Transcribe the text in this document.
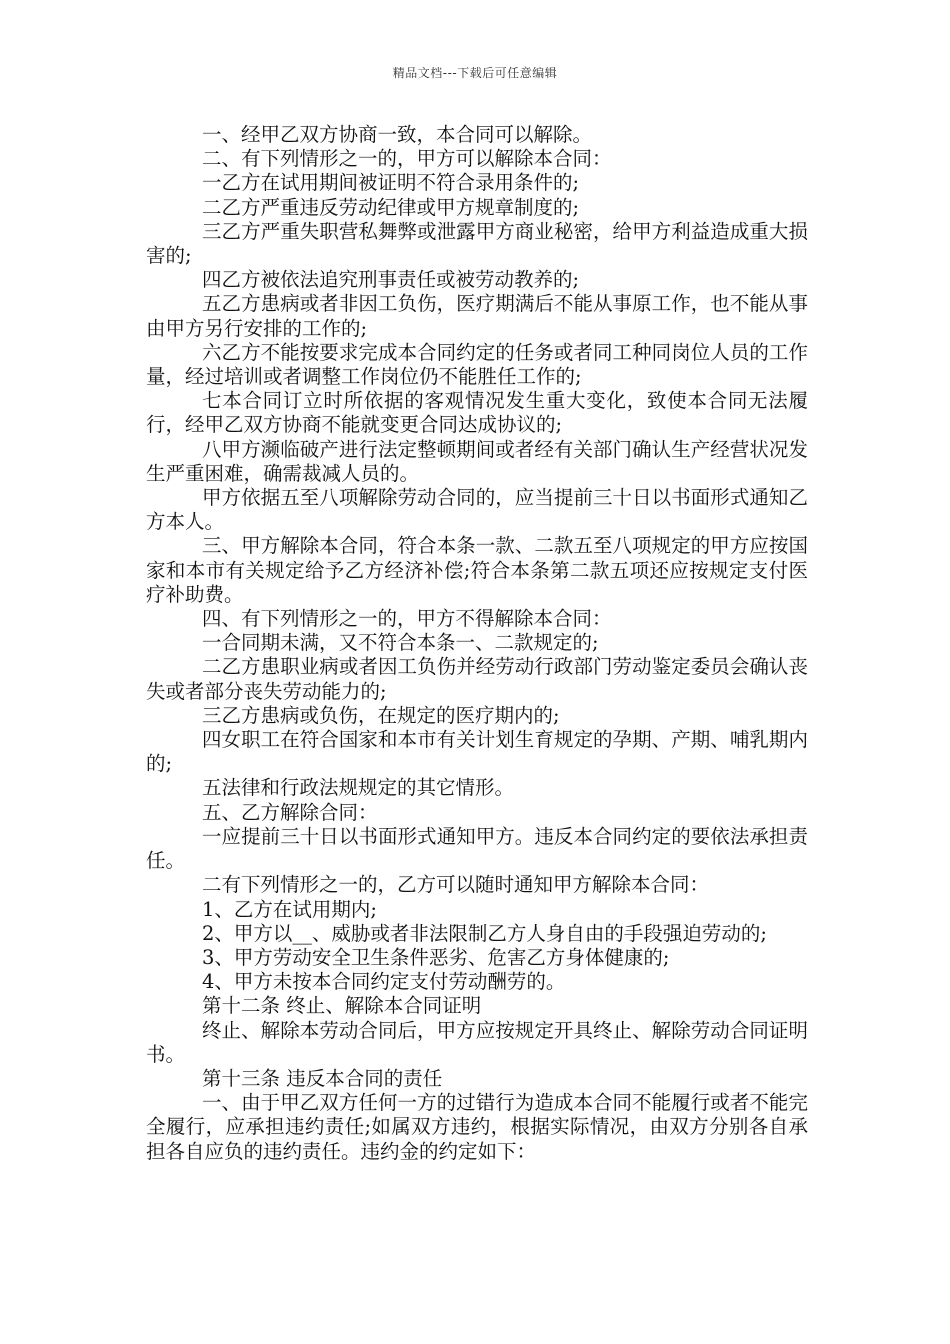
精品文档---下载后可任意编辑

一、经甲乙双方协商一致，本合同可以解除。

二、有下列情形之一的，甲方可以解除本合同：

一乙方在试用期间被证明不符合录用条件的;

二乙方严重违反劳动纪律或甲方规章制度的;

三乙方严重失职营私舞弊或泄露甲方商业秘密，给甲方利益造成重大损害的;

四乙方被依法追究刑事责任或被劳动教养的;

五乙方患病或者非因工负伤，医疗期满后不能从事原工作，也不能从事由甲方另行安排的工作的;

六乙方不能按要求完成本合同约定的任务或者同工种同岗位人员的工作量，经过培训或者调整工作岗位仍不能胜任工作的;

七本合同订立时所依据的客观情况发生重大变化，致使本合同无法履行，经甲乙双方协商不能就变更合同达成协议的;

八甲方濒临破产进行法定整顿期间或者经有关部门确认生产经营状况发生严重困难，确需裁减人员的。

甲方依据五至八项解除劳动合同的，应当提前三十日以书面形式通知乙方本人。

三、甲方解除本合同，符合本条一款、二款五至八项规定的甲方应按国家和本市有关规定给予乙方经济补偿;符合本条第二款五项还应按规定支付医疗补助费。

四、有下列情形之一的，甲方不得解除本合同：

一合同期未满，又不符合本条一、二款规定的;

二乙方患职业病或者因工负伤并经劳动行政部门劳动鉴定委员会确认丧失或者部分丧失劳动能力的;

三乙方患病或负伤，在规定的医疗期内的;

四女职工在符合国家和本市有关计划生育规定的孕期、产期、哺乳期内的;

五法律和行政法规规定的其它情形。

五、乙方解除合同：

一应提前三十日以书面形式通知甲方。违反本合同约定的要依法承担责任。

二有下列情形之一的，乙方可以随时通知甲方解除本合同：

1、乙方在试用期内;

2、甲方以__、威胁或者非法限制乙方人身自由的手段强迫劳动的;

3、甲方劳动安全卫生条件恶劣、危害乙方身体健康的;

4、甲方未按本合同约定支付劳动酬劳的。

第十二条 终止、解除本合同证明

终止、解除本劳动合同后，甲方应按规定开具终止、解除劳动合同证明书。

第十三条 违反本合同的责任

一、由于甲乙双方任何一方的过错行为造成本合同不能履行或者不能完全履行，应承担违约责任;如属双方违约，根据实际情况，由双方分别各自承担各自应负的违约责任。违约金的约定如下：
